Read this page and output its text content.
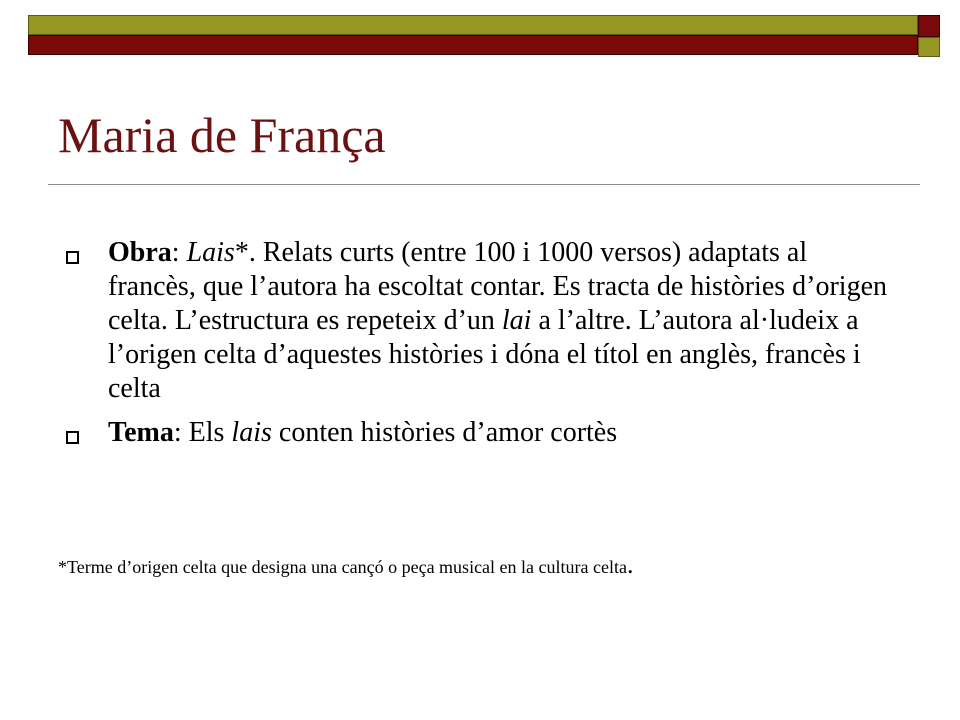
Maria de França
Obra: Lais*. Relats curts (entre 100 i 1000 versos) adaptats al francès, que l’autora ha escoltat contar. Es tracta de històries d’origen celta. L’estructura es repeteix d’un lai a l’altre. L’autora al·ludeix a l’origen celta d’aquestes històries i dóna el títol en anglès, francès i celta
Tema: Els lais conten històries d’amor cortès
*Terme d’origen celta que designa una cançó o peça musical en la cultura celta.
